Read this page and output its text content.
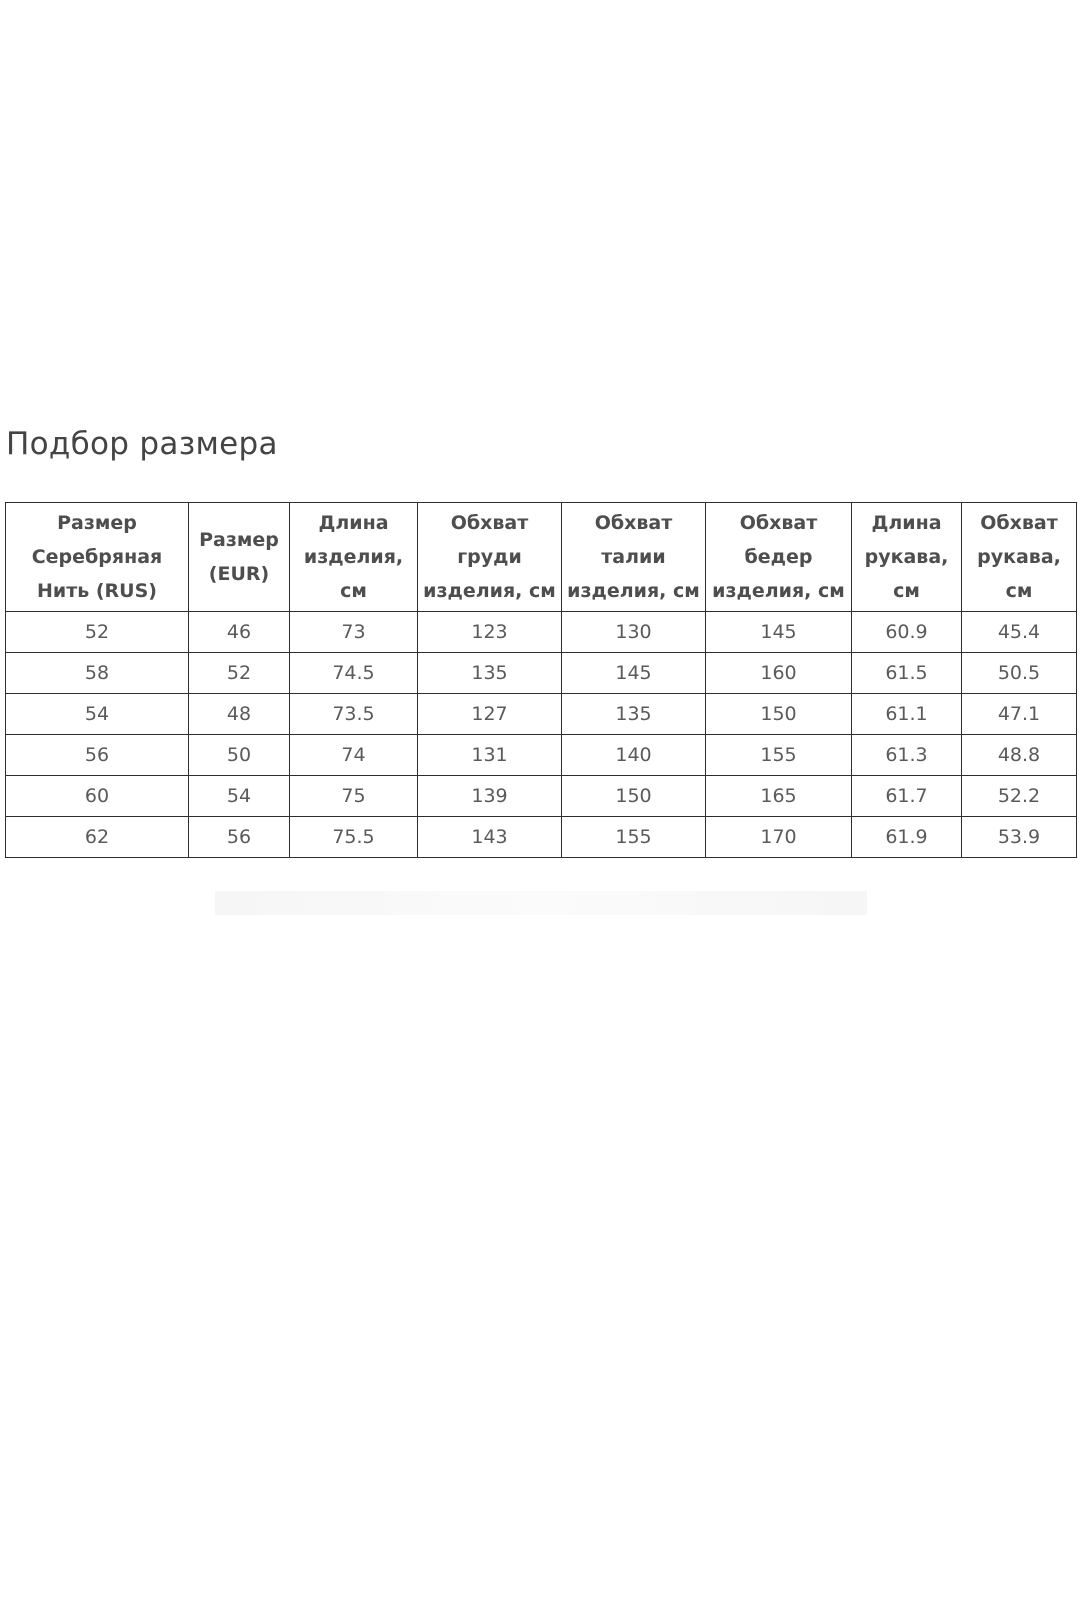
Подбор размера
Размер Серебряная Нить (RUS)	Размер (EUR)	Длина изделия, см	Обхват груди изделия, см	Обхват талии изделия, см	Обхват бедер изделия, см	Длина рукава, см	Обхват рукава, см
52	46	73	123	130	145	60.9	45.4
58	52	74.5	135	145	160	61.5	50.5
54	48	73.5	127	135	150	61.1	47.1
56	50	74	131	140	155	61.3	48.8
60	54	75	139	150	165	61.7	52.2
62	56	75.5	143	155	170	61.9	53.9
